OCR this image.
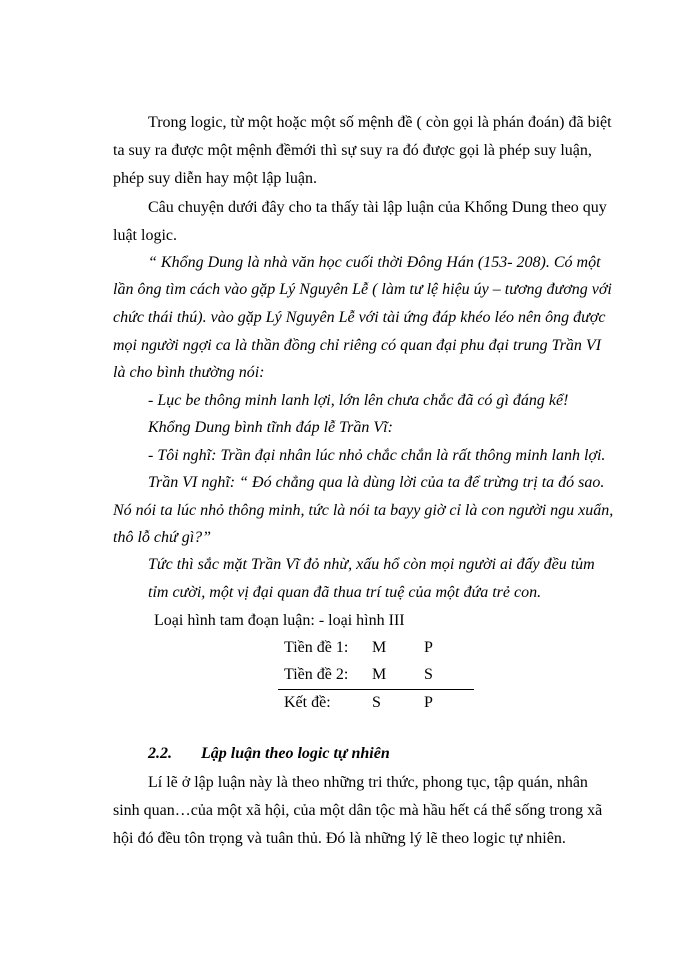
Trong logic, từ một hoặc một số mệnh đề ( còn gọi là phán đoán) đã biệt
ta suy ra được một mệnh đềmới thì sự suy ra đó được gọi là phép suy luận,
phép suy diễn hay một lập luận.
Câu chuyện dưới đây cho ta thấy tài lập luận của Khổng Dung theo quy
luật logic.
“ Khổng Dung là nhà văn học cuối thời Đông Hán (153- 208). Có một
lần ông tìm cách vào gặp Lý Nguyên Lễ ( làm tư lệ hiệu úy – tương đương với
chức thái thú). vào gặp Lý Nguyên Lễ với tài ứng đáp khéo léo nên ông được
mọi người ngợi ca là thần đồng chỉ riêng có quan đại phu đại trung Trần VI
là cho bình thường nói:
- Lục be thông minh lanh lợi, lớn lên chưa chắc đã có gì đáng kể!
Khổng Dung bình tĩnh đáp lễ Trần Vĩ:
- Tôi nghĩ: Trần đại nhân lúc nhỏ chắc chắn là rất thông minh lanh lợi.
Trần VI nghĩ: “ Đó chẳng qua là dùng lời của ta để trừng trị ta đó sao.
Nó nói ta lúc nhỏ thông minh, tức là nói ta bayy giờ cỉ là con người ngu xuẩn,
thô lỗ chứ gì?”
Tức thì sắc mặt Trần Vĩ đỏ nhừ, xấu hổ còn mọi người ai đấy đều tủm
tỉm cười, một vị đại quan đã thua trí tuệ của một đứa trẻ con.
Loại hình tam đoạn luận: - loại hình III
Tiền đề 1: M P
Tiền đề 2: M S
Kết đề:	S	P
2.2. Lập luận theo logic tự nhiên
Lí lẽ ở lập luận này là theo những tri thức, phong tục, tập quán, nhân
sinh quan…của một xã hội, của một dân tộc mà hầu hết cá thể sống trong xã
hội đó đều tôn trọng và tuân thủ. Đó là những lý lẽ theo logic tự nhiên.
